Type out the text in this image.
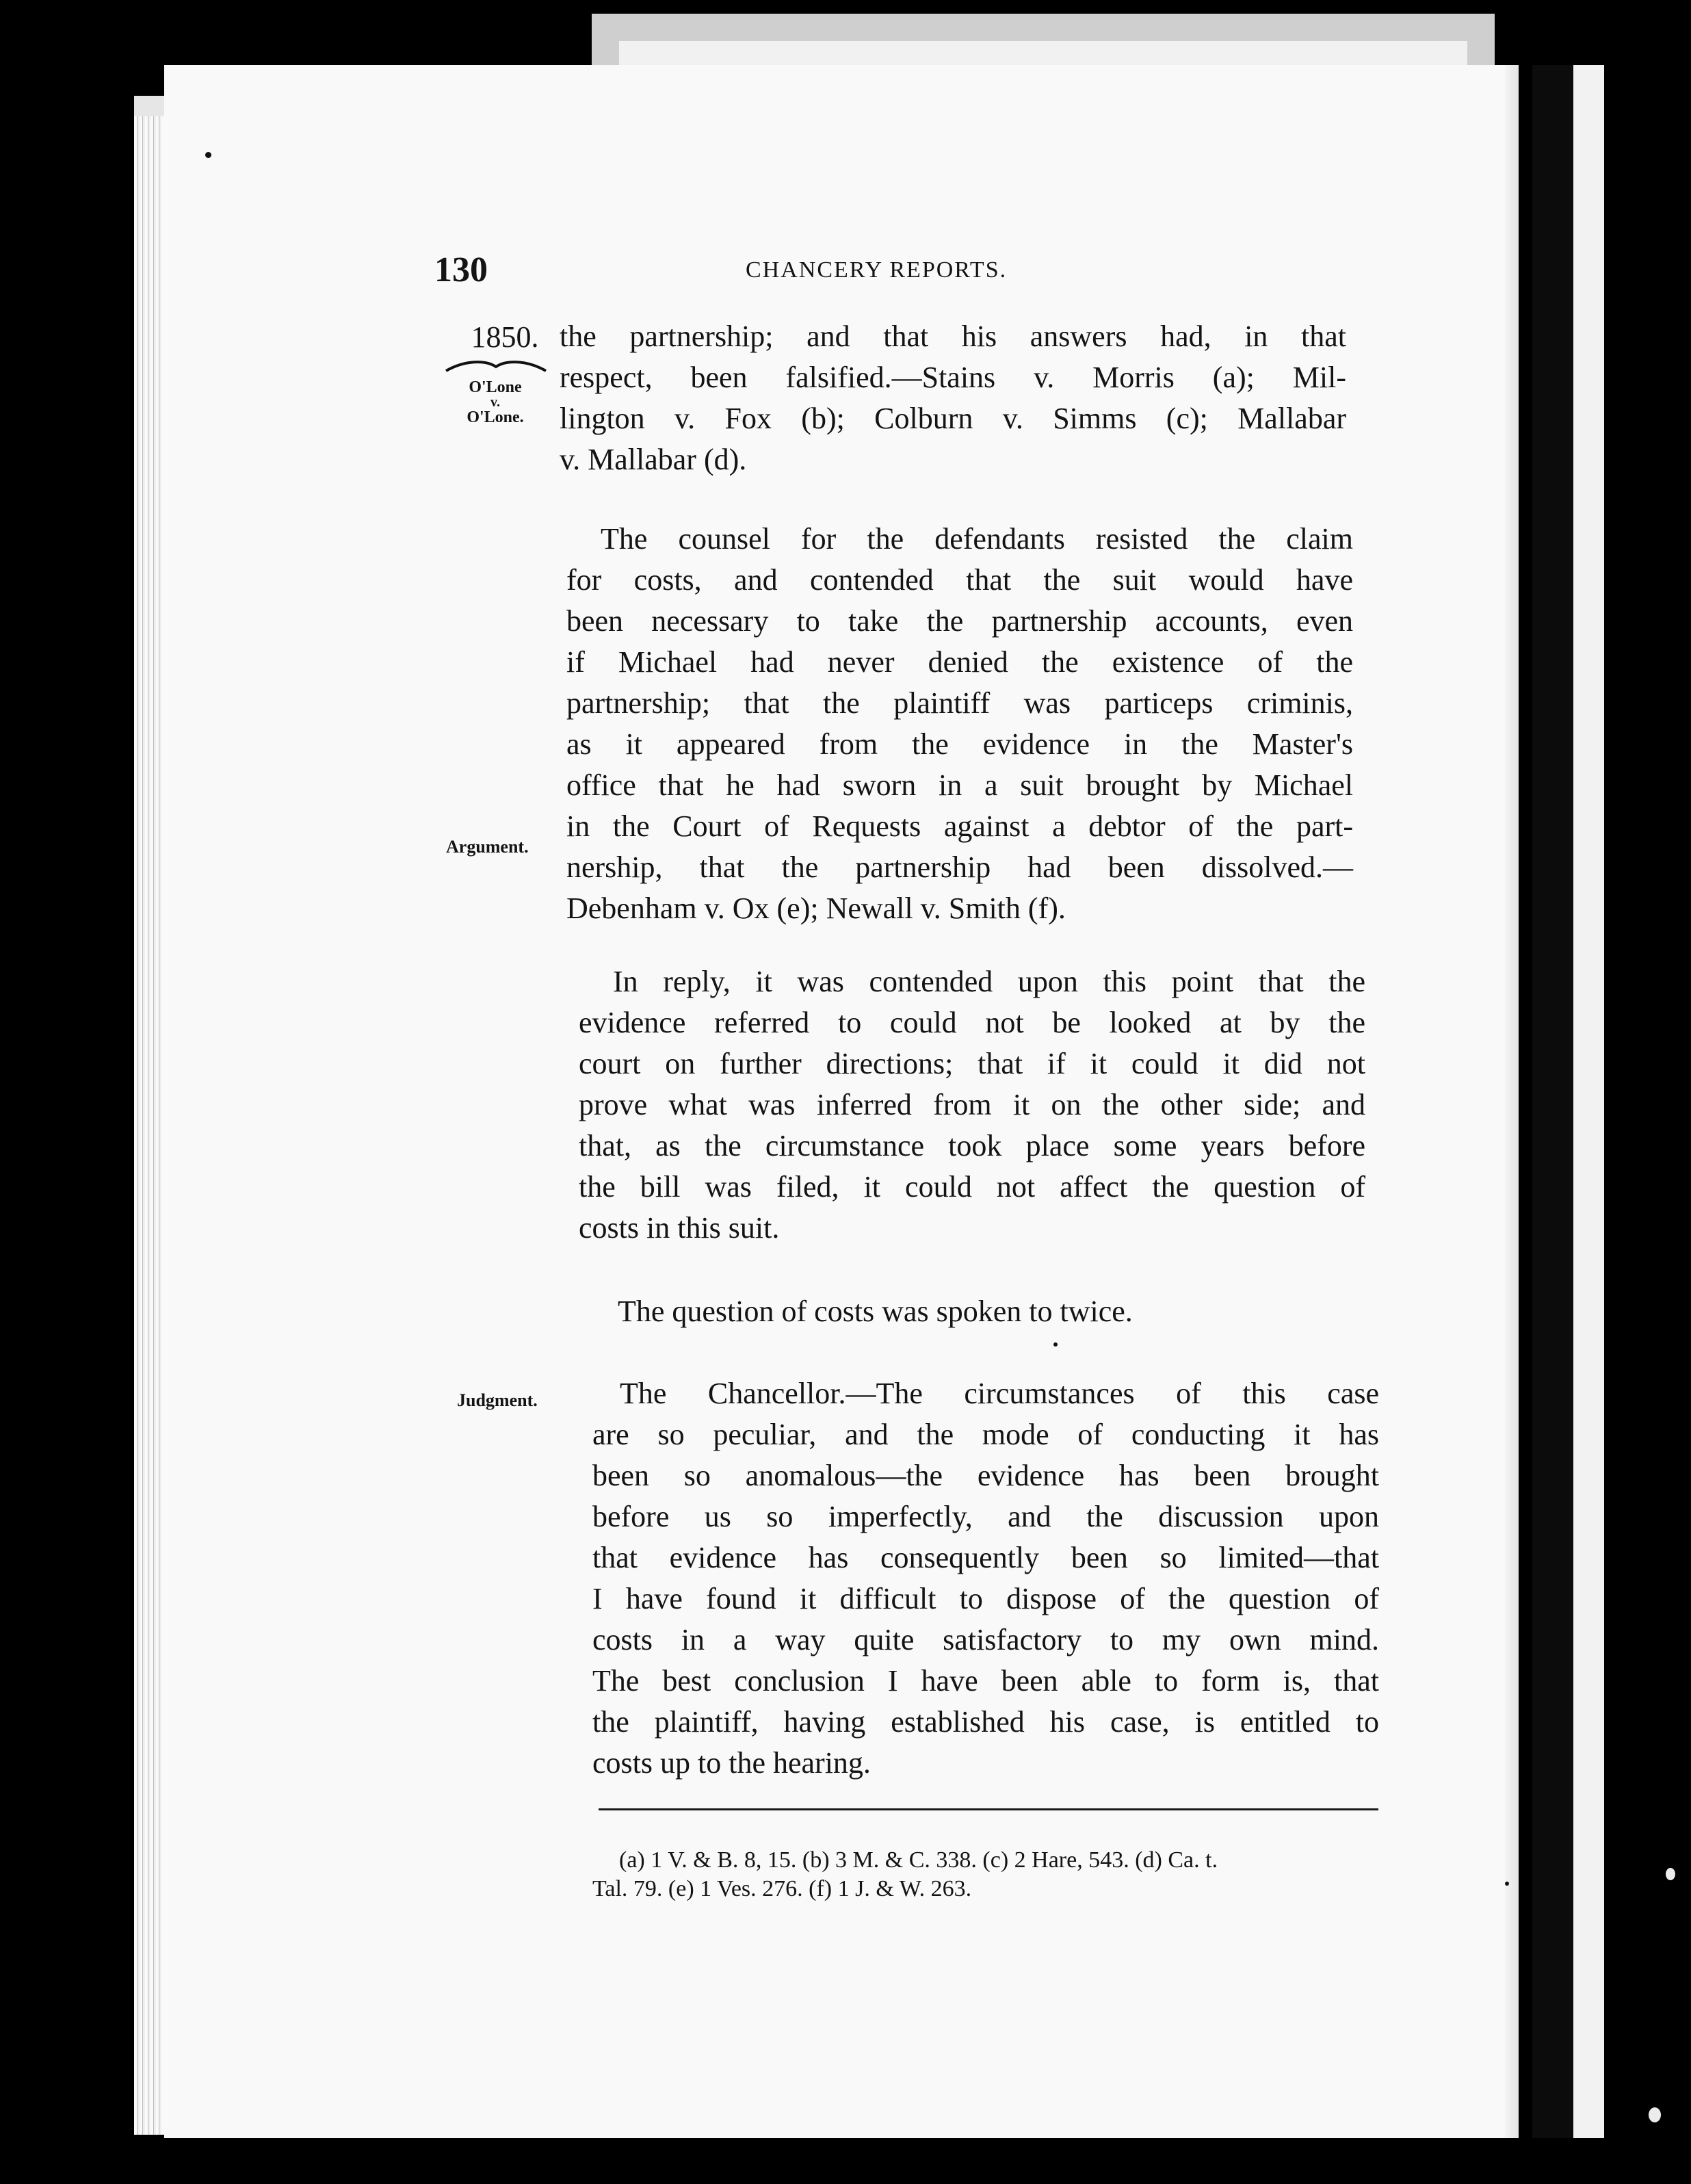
130	CHANCERY REPORTS.
1850.
O'Lone
v.
O'Lone.
Argument.
Judgment.
the partnership; and that his answers had, in that
respect, been falsified.—Stains v. Morris (a); Mil-
lington v. Fox (b); Colburn v. Simms (c); Mallabar
v. Mallabar (d).
The counsel for the defendants resisted the claim
for costs, and contended that the suit would have
been necessary to take the partnership accounts, even
if Michael had never denied the existence of the
partnership; that the plaintiff was particeps criminis,
as it appeared from the evidence in the Master's
office that he had sworn in a suit brought by Michael
in the Court of Requests against a debtor of the part-
nership, that the partnership had been dissolved.—
Debenham v. Ox (e); Newall v. Smith (f).
In reply, it was contended upon this point that the
evidence referred to could not be looked at by the
court on further directions; that if it could it did not
prove what was inferred from it on the other side; and
that, as the circumstance took place some years before
the bill was filed, it could not affect the question of
costs in this suit.
The question of costs was spoken to twice.
The Chancellor.—The circumstances of this case
are so peculiar, and the mode of conducting it has
been so anomalous—the evidence has been brought
before us so imperfectly, and the discussion upon
that evidence has consequently been so limited—that
I have found it difficult to dispose of the question of
costs in a way quite satisfactory to my own mind.
The best conclusion I have been able to form is, that
the plaintiff, having established his case, is entitled to
costs up to the hearing.
(a) 1 V. & B. 8, 15. (b) 3 M. & C. 338. (c) 2 Hare, 543. (d) Ca. t.
Tal. 79. (e) 1 Ves. 276. (f) 1 J. & W. 263.
